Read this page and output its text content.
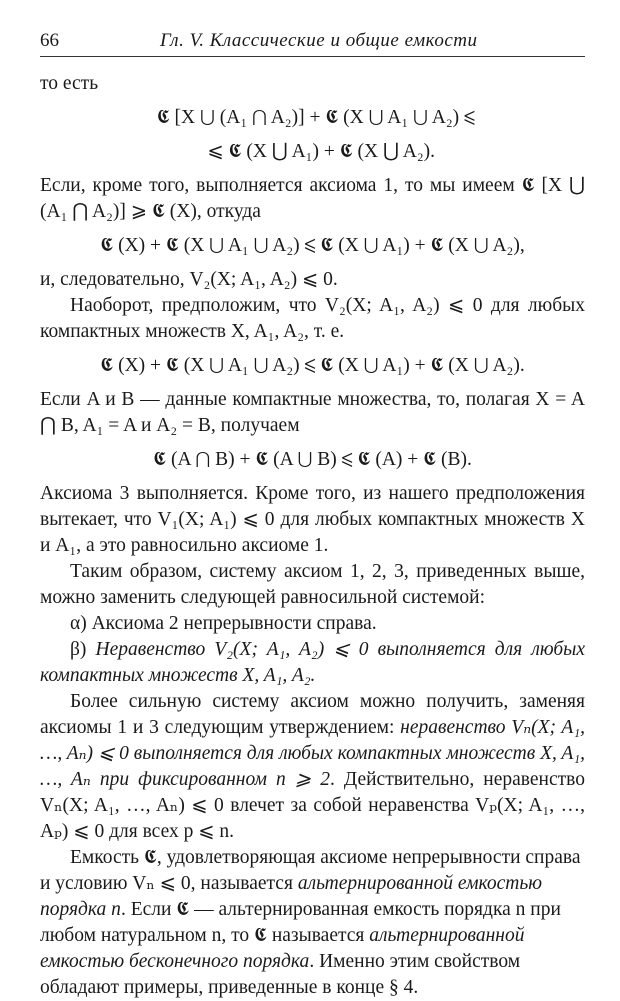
66	Гл. V. Классические и общие емкости

то есть

𝕮 [X ⋃ (A₁ ⋂ A₂)] + 𝕮 (X ⋃ A₁ ⋃ A₂) ⩽
⩽ 𝕮 (X ⋃ A₁) + 𝕮 (X ⋃ A₂).

Если, кроме того, выполняется аксиома 1, то мы имеем 𝕮 [X ⋃ (A₁ ⋂ A₂)] ⩾ 𝕮 (X), откуда

𝕮 (X) + 𝕮 (X ⋃ A₁ ⋃ A₂) ⩽ 𝕮 (X ⋃ A₁) + 𝕮 (X ⋃ A₂),

и, следовательно, V₂(X; A₁, A₂) ⩽ 0.

Наоборот, предположим, что V₂(X; A₁, A₂) ⩽ 0 для любых компактных множеств X, A₁, A₂, т. е.

𝕮 (X) + 𝕮 (X ⋃ A₁ ⋃ A₂) ⩽ 𝕮 (X ⋃ A₁) + 𝕮 (X ⋃ A₂).

Если A и B — данные компактные множества, то, полагая X = A ⋂ B, A₁ = A и A₂ = B, получаем

𝕮 (A ⋂ B) + 𝕮 (A ⋃ B) ⩽ 𝕮 (A) + 𝕮 (B).

Аксиома 3 выполняется. Кроме того, из нашего предположения вытекает, что V₁(X; A₁) ⩽ 0 для любых компактных множеств X и A₁, а это равносильно аксиоме 1.

Таким образом, систему аксиом 1, 2, 3, приведенных выше, можно заменить следующей равносильной системой:

α) Аксиома 2 непрерывности справа.

β) Неравенство V₂(X; A₁, A₂) ⩽ 0 выполняется для любых компактных множеств X, A₁, A₂.

Более сильную систему аксиом можно получить, заменяя аксиомы 1 и 3 следующим утверждением: неравенство Vₙ(X; A₁, …, Aₙ) ⩽ 0 выполняется для любых компактных множеств X, A₁, …, Aₙ при фиксированном n ⩾ 2. Действительно, неравенство Vₙ(X; A₁, …, Aₙ) ⩽ 0 влечет за собой неравенства Vₚ(X; A₁, …, Aₚ) ⩽ 0 для всех p ⩽ n.

Емкость 𝕮, удовлетворяющая аксиоме непрерывности справа и условию Vₙ ⩽ 0, называется альтернированной емкостью порядка n. Если 𝕮 — альтернированная емкость порядка n при любом натуральном n, то 𝕮 называется альтернированной емкостью бесконечного порядка. Именно этим свойством обладают примеры, приведенные в конце § 4.
